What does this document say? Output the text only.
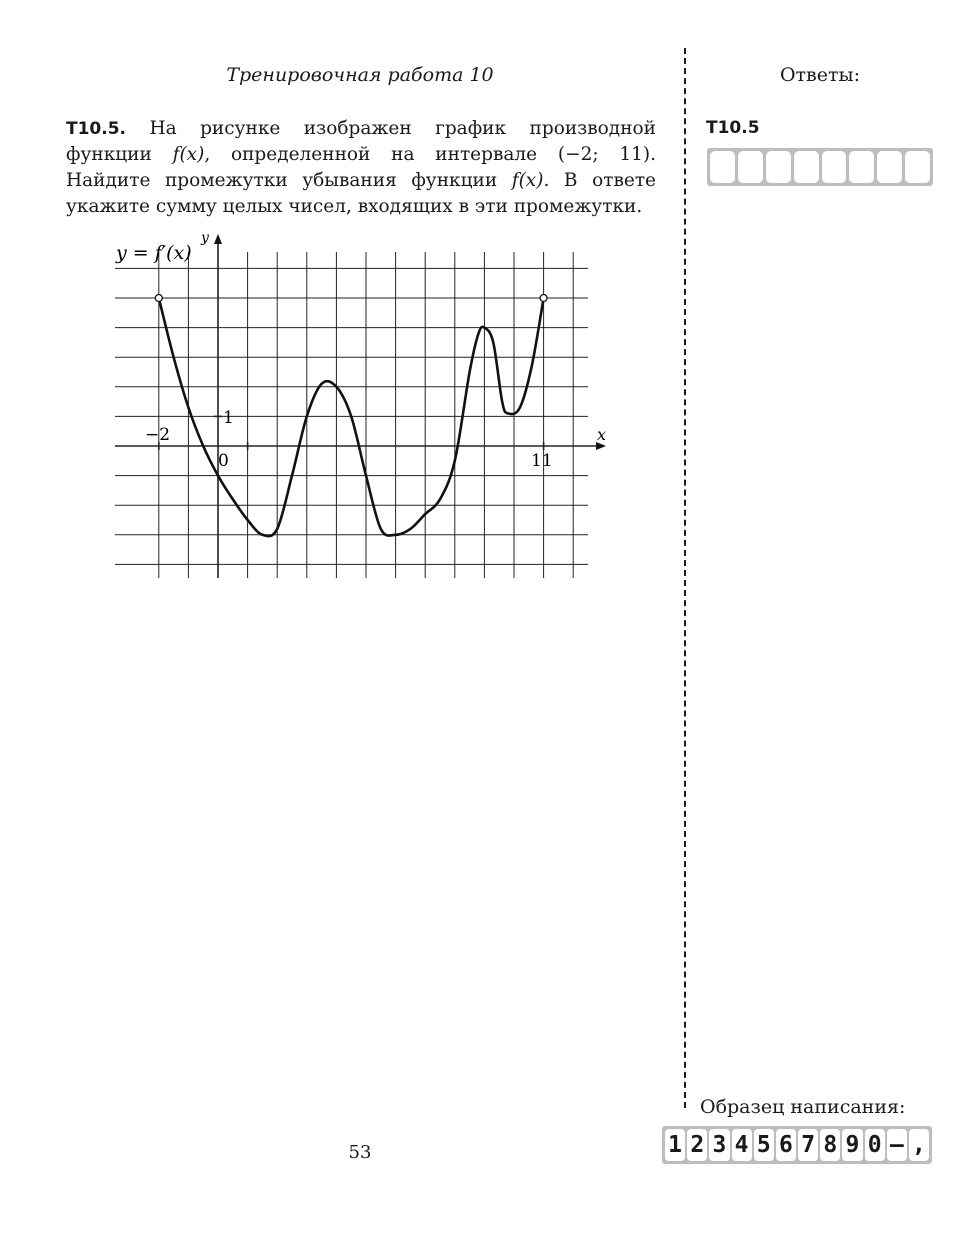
Тренировочная работа 10	Ответы:
T10.5. На рисунке изображен график производной функции f(x), определенной на интервале (−2; 11). Найдите промежутки убывания функции f(x). В ответе укажите сумму целых чисел, входящих в эти промежутки.
y = f′(x)
y
x
−2
0	11
1
T10.5
Образец написания:
1 2 3 4 5 6 7 8 9 0 – ,
53
